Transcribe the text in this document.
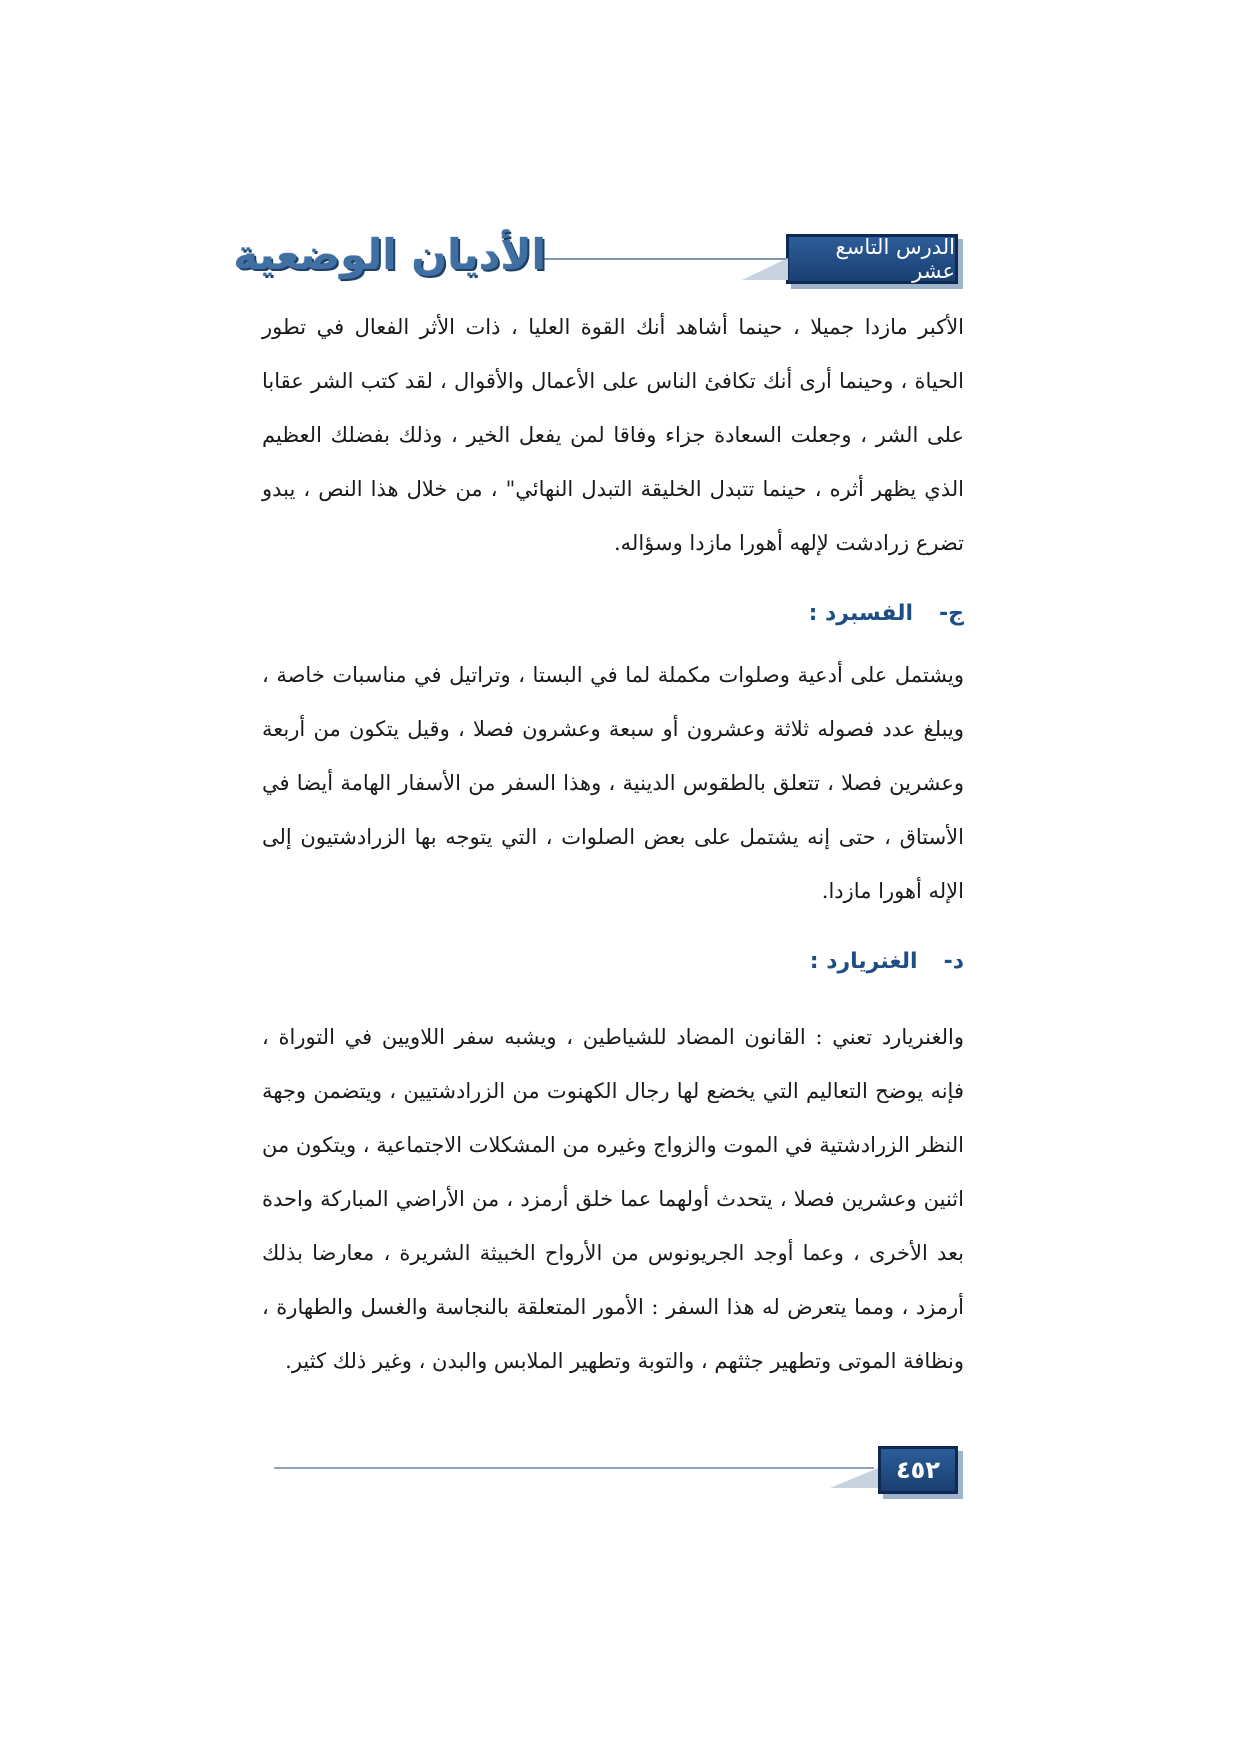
الدرس التاسع عشر
الأديان الوضعية

الأكبر مازدا جميلا ، حينما أشاهد أنك القوة العليا ، ذات الأثر الفعال في تطور الحياة ، وحينما أرى أنك تكافئ الناس على الأعمال والأقوال ، لقد كتب الشر عقابا على الشر ، وجعلت السعادة جزاء وفاقا لمن يفعل الخير ، وذلك بفضلك العظيم الذي يظهر أثره ، حينما تتبدل الخليقة التبدل النهائي" ، من خلال هذا النص ، يبدو تضرع زرادشت لإلهه أهورا مازدا وسؤاله.

ج-الفسبرد :

ويشتمل على أدعية وصلوات مكملة لما في البستا ، وتراتيل في مناسبات خاصة ، ويبلغ عدد فصوله ثلاثة وعشرون أو سبعة وعشرون فصلا ، وقيل يتكون من أربعة وعشرين فصلا ، تتعلق بالطقوس الدينية ، وهذا السفر من الأسفار الهامة أيضا في الأستاق ، حتى إنه يشتمل على بعض الصلوات ، التي يتوجه بها الزرادشتيون إلى الإله أهورا مازدا.

د-الغنريارد :

والغنريارد تعني : القانون المضاد للشياطين ، ويشبه سفر اللاويين في التوراة ، فإنه يوضح التعاليم التي يخضع لها رجال الكهنوت من الزرادشتيين ، ويتضمن وجهة النظر الزرادشتية في الموت والزواج وغيره من المشكلات الاجتماعية ، ويتكون من اثنين وعشرين فصلا ، يتحدث أولهما عما خلق أرمزد ، من الأراضي المباركة واحدة بعد الأخرى ، وعما أوجد الجريونوس من الأرواح الخبيثة الشريرة ، معارضا بذلك أرمزد ، ومما يتعرض له هذا السفر : الأمور المتعلقة بالنجاسة والغسل والطهارة ، ونظافة الموتى وتطهير جثثهم ، والتوبة وتطهير الملابس والبدن ، وغير ذلك كثير.

٤٥٢
